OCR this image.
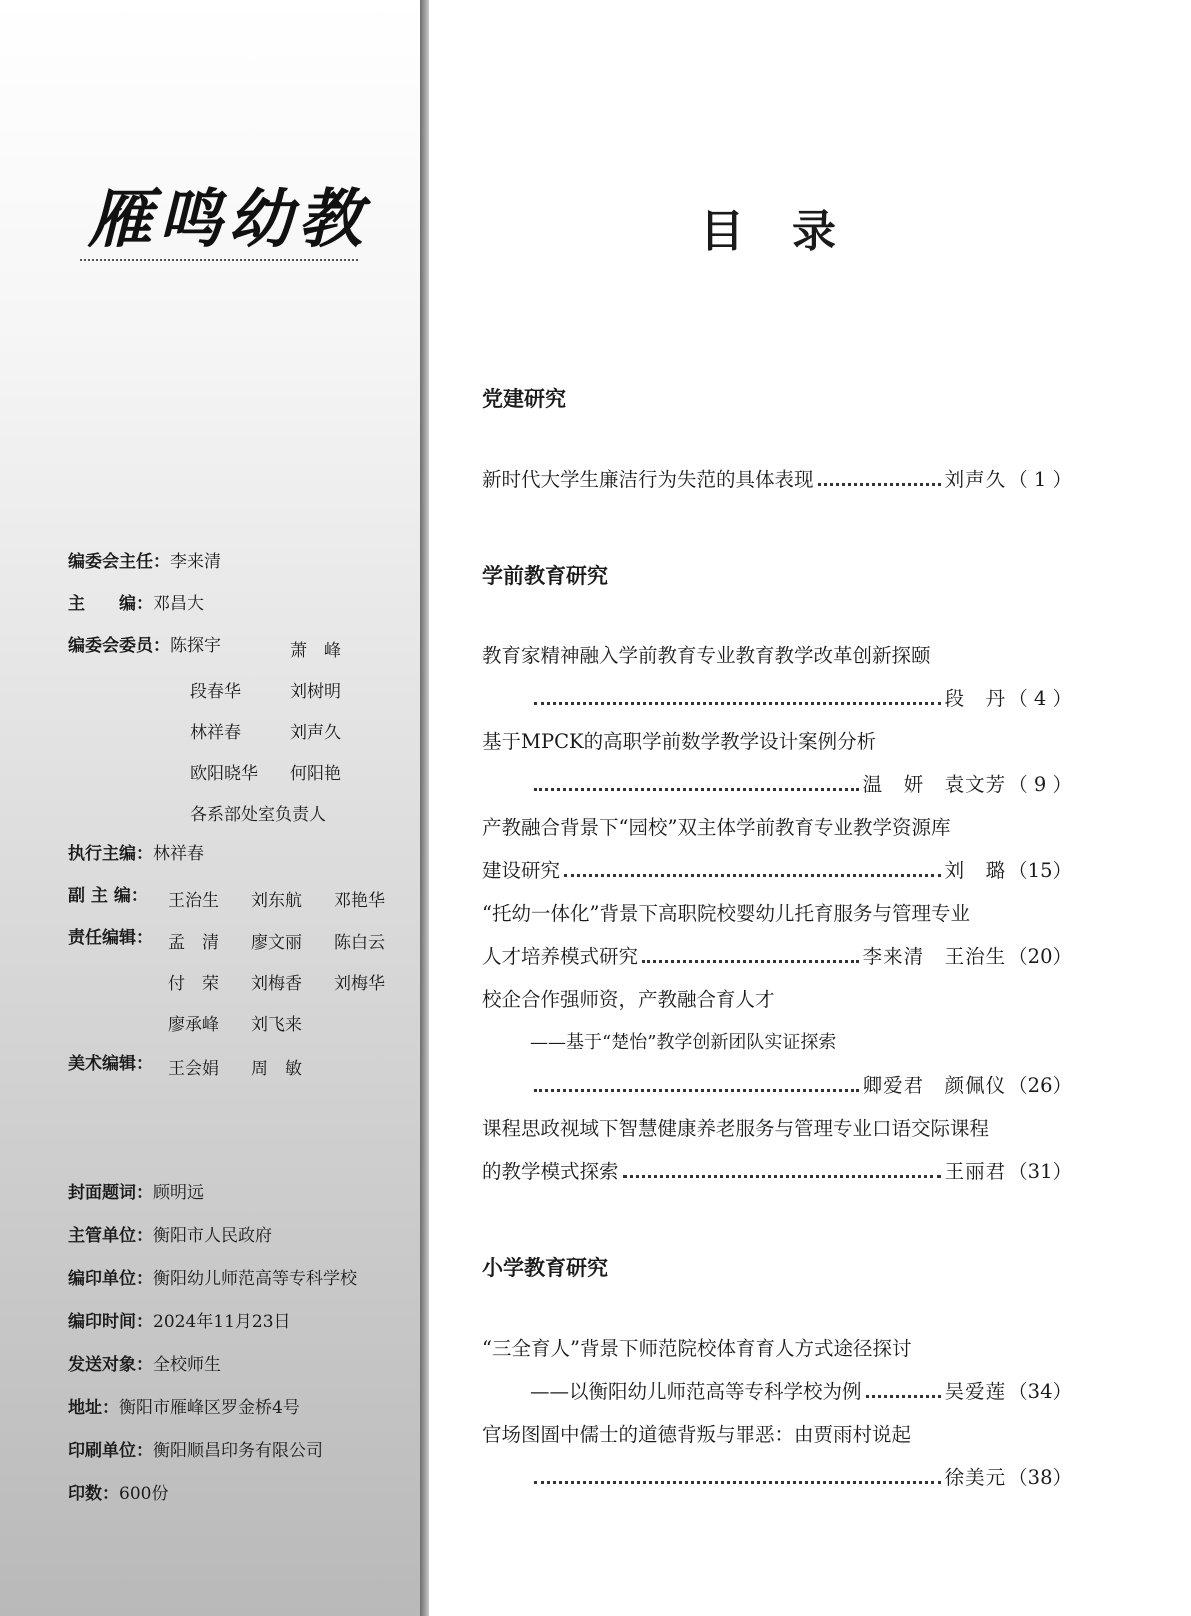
雁鸣幼教
编委会主任：李来清
主　　编：邓昌大
编委会委员：陈探宇	萧　峰
段春华	刘树明
林祥春	刘声久
欧阳晓华 何阳艳
各系部处室负责人
执行主编：林祥春
副 主 编： 王治生 刘东航 邓艳华
责任编辑： 孟　清 廖文丽 陈白云
付　荣 刘梅香 刘梅华
廖承峰 刘飞来
美术编辑： 王会娟 周　敏
封面题词：顾明远
主管单位：衡阳市人民政府
编印单位：衡阳幼儿师范高等专科学校
编印时间：2024年11月23日
发送对象：全校师生
地址：衡阳市雁峰区罗金桥4号
印刷单位：衡阳顺昌印务有限公司
印数：600份
目录
党建研究
新时代大学生廉洁行为失范的具体表现	刘声久 （ 1 ）
学前教育研究
教育家精神融入学前教育专业教育教学改革创新探颐
段　丹 （ 4 ）
基于MPCK的高职学前数学教学设计案例分析
温　妍　袁文芳 （ 9 ）
产教融合背景下“园校”双主体学前教育专业教学资源库
建设研究	刘　璐 （15）
“托幼一体化”背景下高职院校婴幼儿托育服务与管理专业
人才培养模式研究	李来清　王治生 （20）
校企合作强师资，产教融合育人才
——基于“楚怡”教学创新团队实证探索
卿爱君　颜佩仪 （26）
课程思政视域下智慧健康养老服务与管理专业口语交际课程
的教学模式探索	王丽君 （31）
小学教育研究
“三全育人”背景下师范院校体育育人方式途径探讨
——以衡阳幼儿师范高等专科学校为例	吴爱莲 （34）
官场图圄中儒士的道德背叛与罪恶：由贾雨村说起
徐美元 （38）
